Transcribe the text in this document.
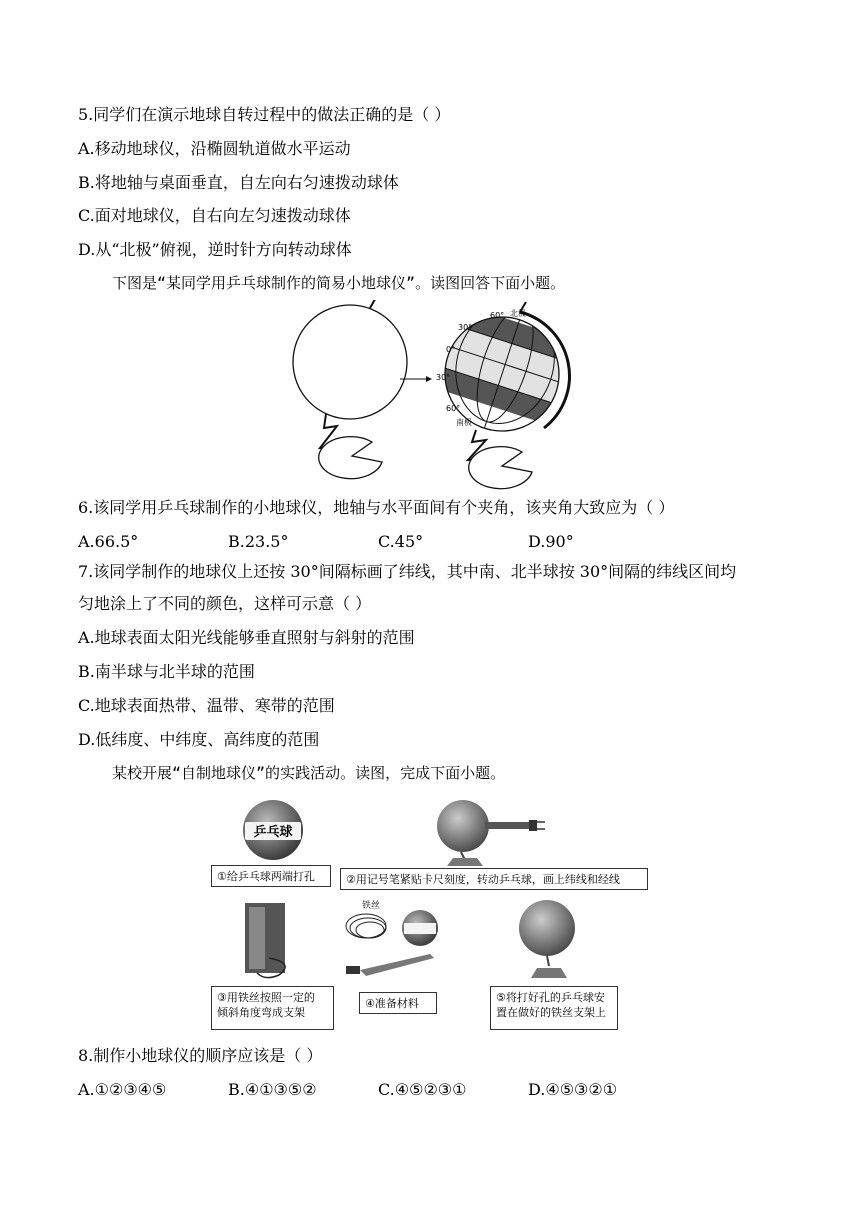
5.同学们在演示地球自转过程中的做法正确的是（ ）
A.移动地球仪，沿椭圆轨道做水平运动
B.将地轴与桌面垂直，自左向右匀速拨动球体
C.面对地球仪，自右向左匀速拨动球体
D.从“北极”俯视，逆时针方向转动球体
下图是“某同学用乒乓球制作的简易小地球仪”。读图回答下面小题。
60° 北极
30°
0°
30°
60°
南极
6.该同学用乒乓球制作的小地球仪，地轴与水平面间有个夹角，该夹角大致应为（ ）
A.66.5°	B.23.5°	C.45°	D.90°
7.该同学制作的地球仪上还按 30°间隔标画了纬线，其中南、北半球按 30°间隔的纬线区间均
匀地涂上了不同的颜色，这样可示意（ ）
A.地球表面太阳光线能够垂直照射与斜射的范围
B.南半球与北半球的范围
C.地球表面热带、温带、寒带的范围
D.低纬度、中纬度、高纬度的范围
某校开展“自制地球仪”的实践活动。读图，完成下面小题。
乒乓球
①给乒乓球两端打孔	②用记号笔紧贴卡尺刻度，转动乒乓球，画上纬线和经线
③用铁丝按照一定的
倾斜角度弯成支架
铁丝
④准备材料	⑤将打好孔的乒乓球安
置在做好的铁丝支架上
8.制作小地球仪的顺序应该是（ ）
A.①②③④⑤	B.④①③⑤②	C.④⑤②③①	D.④⑤③②①
